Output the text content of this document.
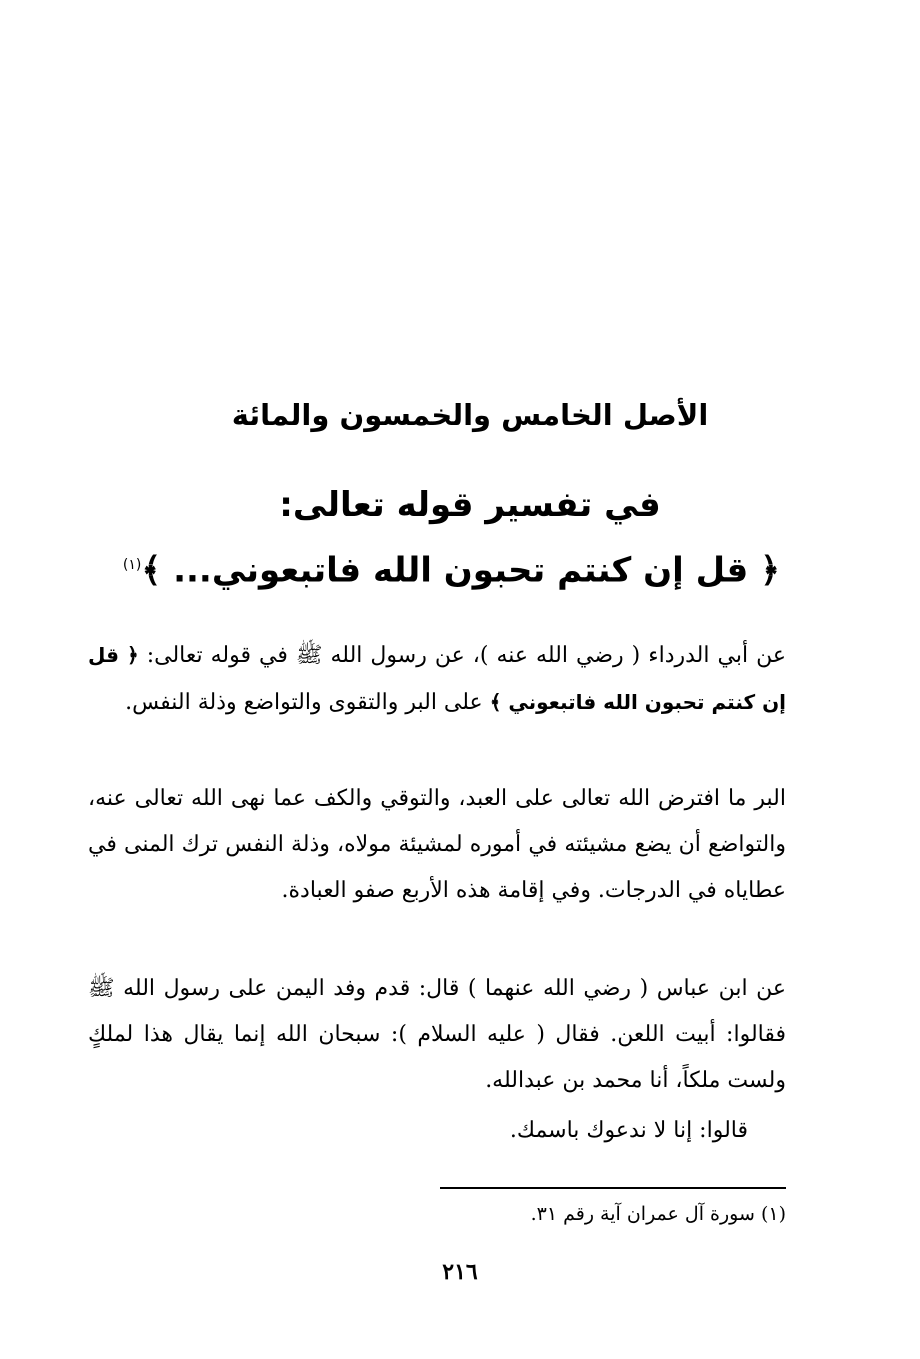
الأصل الخامس والخمسون والمائة
في تفسير قوله تعالى:
﴿ قل إن كنتم تحبون الله فاتبعوني... ﴾$^{(١)}$

عن أبي الدرداء ( رضي الله عنه )، عن رسول الله ﷺ في قوله تعالى: ﴿ قل إن كنتم تحبون الله فاتبعوني ﴾ على البر والتقوى والتواضع وذلة النفس.

البر ما افترض الله تعالى على العبد، والتوقي والكف عما نهى الله تعالى عنه، والتواضع أن يضع مشيئته في أموره لمشيئة مولاه، وذلة النفس ترك المنى في عطاياه في الدرجات. وفي إقامة هذه الأربع صفو العبادة.

عن ابن عباس ( رضي الله عنهما ) قال: قدم وفد اليمن على رسول الله ﷺ فقالوا: أبيت اللعن. فقال ( عليه السلام ): سبحان الله إنما يقال هذا لملكٍ ولست ملكاً، أنا محمد بن عبدالله.

قالوا: إنا لا ندعوك باسمك.

(١) سورة آل عمران آية رقم ٣١.
٢١٦
